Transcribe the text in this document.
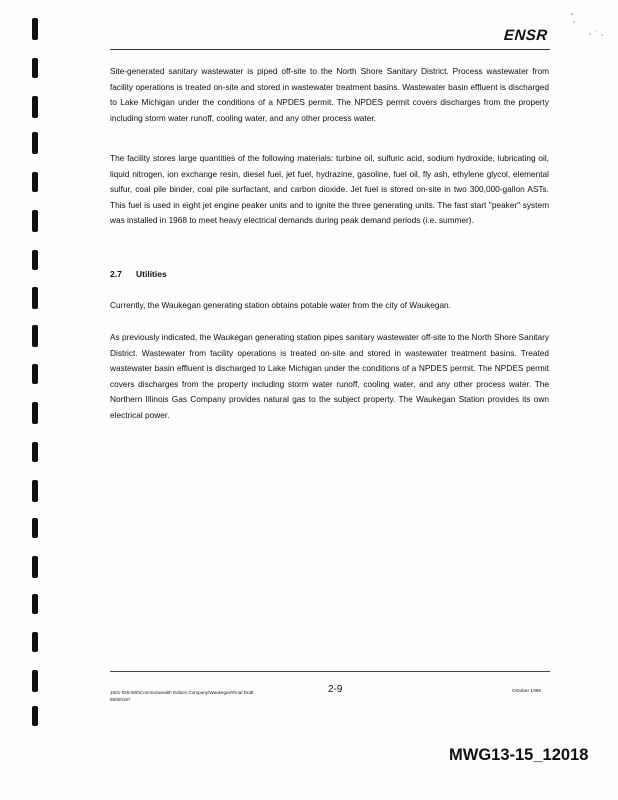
ENSR

Site-generated sanitary wastewater is piped off-site to the North Shore Sanitary District. Process wastewater from facility operations is treated on-site and stored in wastewater treatment basins. Wastewater basin effluent is discharged to Lake Michigan under the conditions of a NPDES permit. The NPDES permit covers discharges from the property including storm water runoff, cooling water, and any other process water.

The facility stores large quantities of the following materials: turbine oil, sulfuric acid, sodium hydroxide, lubricating oil, liquid nitrogen, ion exchange resin, diesel fuel, jet fuel, hydrazine, gasoline, fuel oil, fly ash, ethylene glycol, elemental sulfur, coal pile binder, coal pile surfactant, and carbon dioxide. Jet fuel is stored on-site in two 300,000-gallon ASTs. This fuel is used in eight jet engine peaker units and to ignite the three generating units. The fast start "peaker" system was installed in 1968 to meet heavy electrical demands during peak demand periods (i.e. summer).

2.7 Utilities

Currently, the Waukegan generating station obtains potable water from the city of Waukegan.

As previously indicated, the Waukegan generating station pipes sanitary wastewater off-site to the North Shore Sanitary District. Wastewater from facility operations is treated on-site and stored in wastewater treatment basins. Treated wastewater basin effluent is discharged to Lake Michigan under the conditions of a NPDES permit. The NPDES permit covers discharges from the property including storm water runoff, cooling water, and any other process water. The Northern Illinois Gas Company provides natural gas to the subject property. The Waukegan Station provides its own electrical power.

1801-028-500\Commonwealth Edison Company\Waukegan\Final Draft
58000197
2-9	October 1998
MWG13-15_12018
